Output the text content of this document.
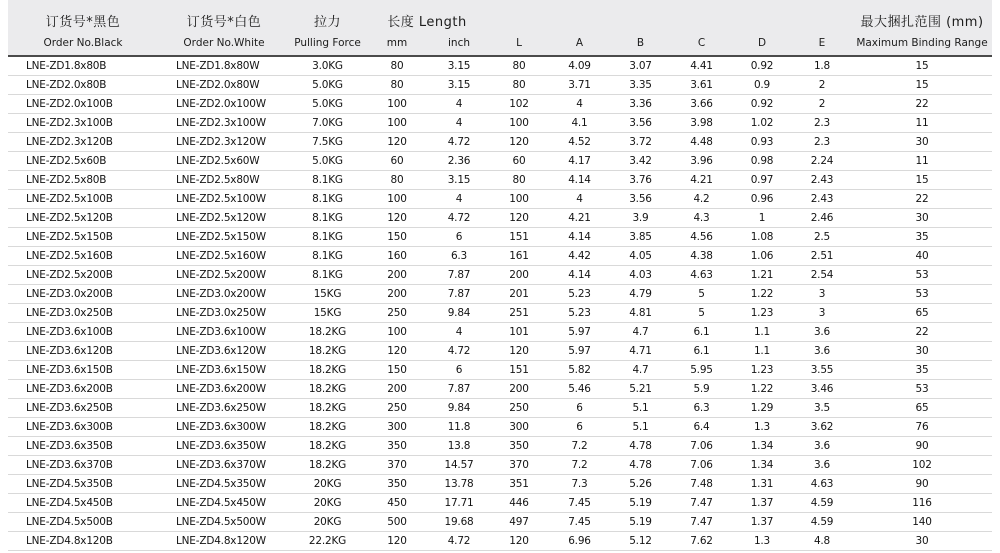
订货号*黑色
Order No.Black
订货号*白色
Order No.White
拉力
Pulling Force
长度 Length
mm	inch	L	A	B	C	D	E
最大捆扎范围 (mm)
Maximum Binding Range
LNE-ZD1.8x80B	LNE-ZD1.8x80W	3.0KG	80	3.15	80	4.09	3.07	4.41	0.92	1.8	15
LNE-ZD2.0x80B	LNE-ZD2.0x80W	5.0KG	80	3.15	80	3.71	3.35	3.61	0.9	2	15
LNE-ZD2.0x100B	LNE-ZD2.0x100W	5.0KG	100	4	102	4	3.36	3.66	0.92	2	22
LNE-ZD2.3x100B	LNE-ZD2.3x100W	7.0KG	100	4	100	4.1	3.56	3.98	1.02	2.3	11
LNE-ZD2.3x120B	LNE-ZD2.3x120W	7.5KG	120	4.72	120	4.52	3.72	4.48	0.93	2.3	30
LNE-ZD2.5x60B	LNE-ZD2.5x60W	5.0KG	60	2.36	60	4.17	3.42	3.96	0.98	2.24	11
LNE-ZD2.5x80B	LNE-ZD2.5x80W	8.1KG	80	3.15	80	4.14	3.76	4.21	0.97	2.43	15
LNE-ZD2.5x100B	LNE-ZD2.5x100W	8.1KG	100	4	100	4	3.56	4.2	0.96	2.43	22
LNE-ZD2.5x120B	LNE-ZD2.5x120W	8.1KG	120	4.72	120	4.21	3.9	4.3	1	2.46	30
LNE-ZD2.5x150B	LNE-ZD2.5x150W	8.1KG	150	6	151	4.14	3.85	4.56	1.08	2.5	35
LNE-ZD2.5x160B	LNE-ZD2.5x160W	8.1KG	160	6.3	161	4.42	4.05	4.38	1.06	2.51	40
LNE-ZD2.5x200B	LNE-ZD2.5x200W	8.1KG	200	7.87	200	4.14	4.03	4.63	1.21	2.54	53
LNE-ZD3.0x200B	LNE-ZD3.0x200W	15KG	200	7.87	201	5.23	4.79	5	1.22	3	53
LNE-ZD3.0x250B	LNE-ZD3.0x250W	15KG	250	9.84	251	5.23	4.81	5	1.23	3	65
LNE-ZD3.6x100B	LNE-ZD3.6x100W	18.2KG	100	4	101	5.97	4.7	6.1	1.1	3.6	22
LNE-ZD3.6x120B	LNE-ZD3.6x120W	18.2KG	120	4.72	120	5.97	4.71	6.1	1.1	3.6	30
LNE-ZD3.6x150B	LNE-ZD3.6x150W	18.2KG	150	6	151	5.82	4.7	5.95	1.23	3.55	35
LNE-ZD3.6x200B	LNE-ZD3.6x200W	18.2KG	200	7.87	200	5.46	5.21	5.9	1.22	3.46	53
LNE-ZD3.6x250B	LNE-ZD3.6x250W	18.2KG	250	9.84	250	6	5.1	6.3	1.29	3.5	65
LNE-ZD3.6x300B	LNE-ZD3.6x300W	18.2KG	300	11.8	300	6	5.1	6.4	1.3	3.62	76
LNE-ZD3.6x350B	LNE-ZD3.6x350W	18.2KG	350	13.8	350	7.2	4.78	7.06	1.34	3.6	90
LNE-ZD3.6x370B	LNE-ZD3.6x370W	18.2KG	370	14.57	370	7.2	4.78	7.06	1.34	3.6	102
LNE-ZD4.5x350B	LNE-ZD4.5x350W	20KG	350	13.78	351	7.3	5.26	7.48	1.31	4.63	90
LNE-ZD4.5x450B	LNE-ZD4.5x450W	20KG	450	17.71	446	7.45	5.19	7.47	1.37	4.59	116
LNE-ZD4.5x500B	LNE-ZD4.5x500W	20KG	500	19.68	497	7.45	5.19	7.47	1.37	4.59	140
LNE-ZD4.8x120B	LNE-ZD4.8x120W	22.2KG	120	4.72	120	6.96	5.12	7.62	1.3	4.8	30
